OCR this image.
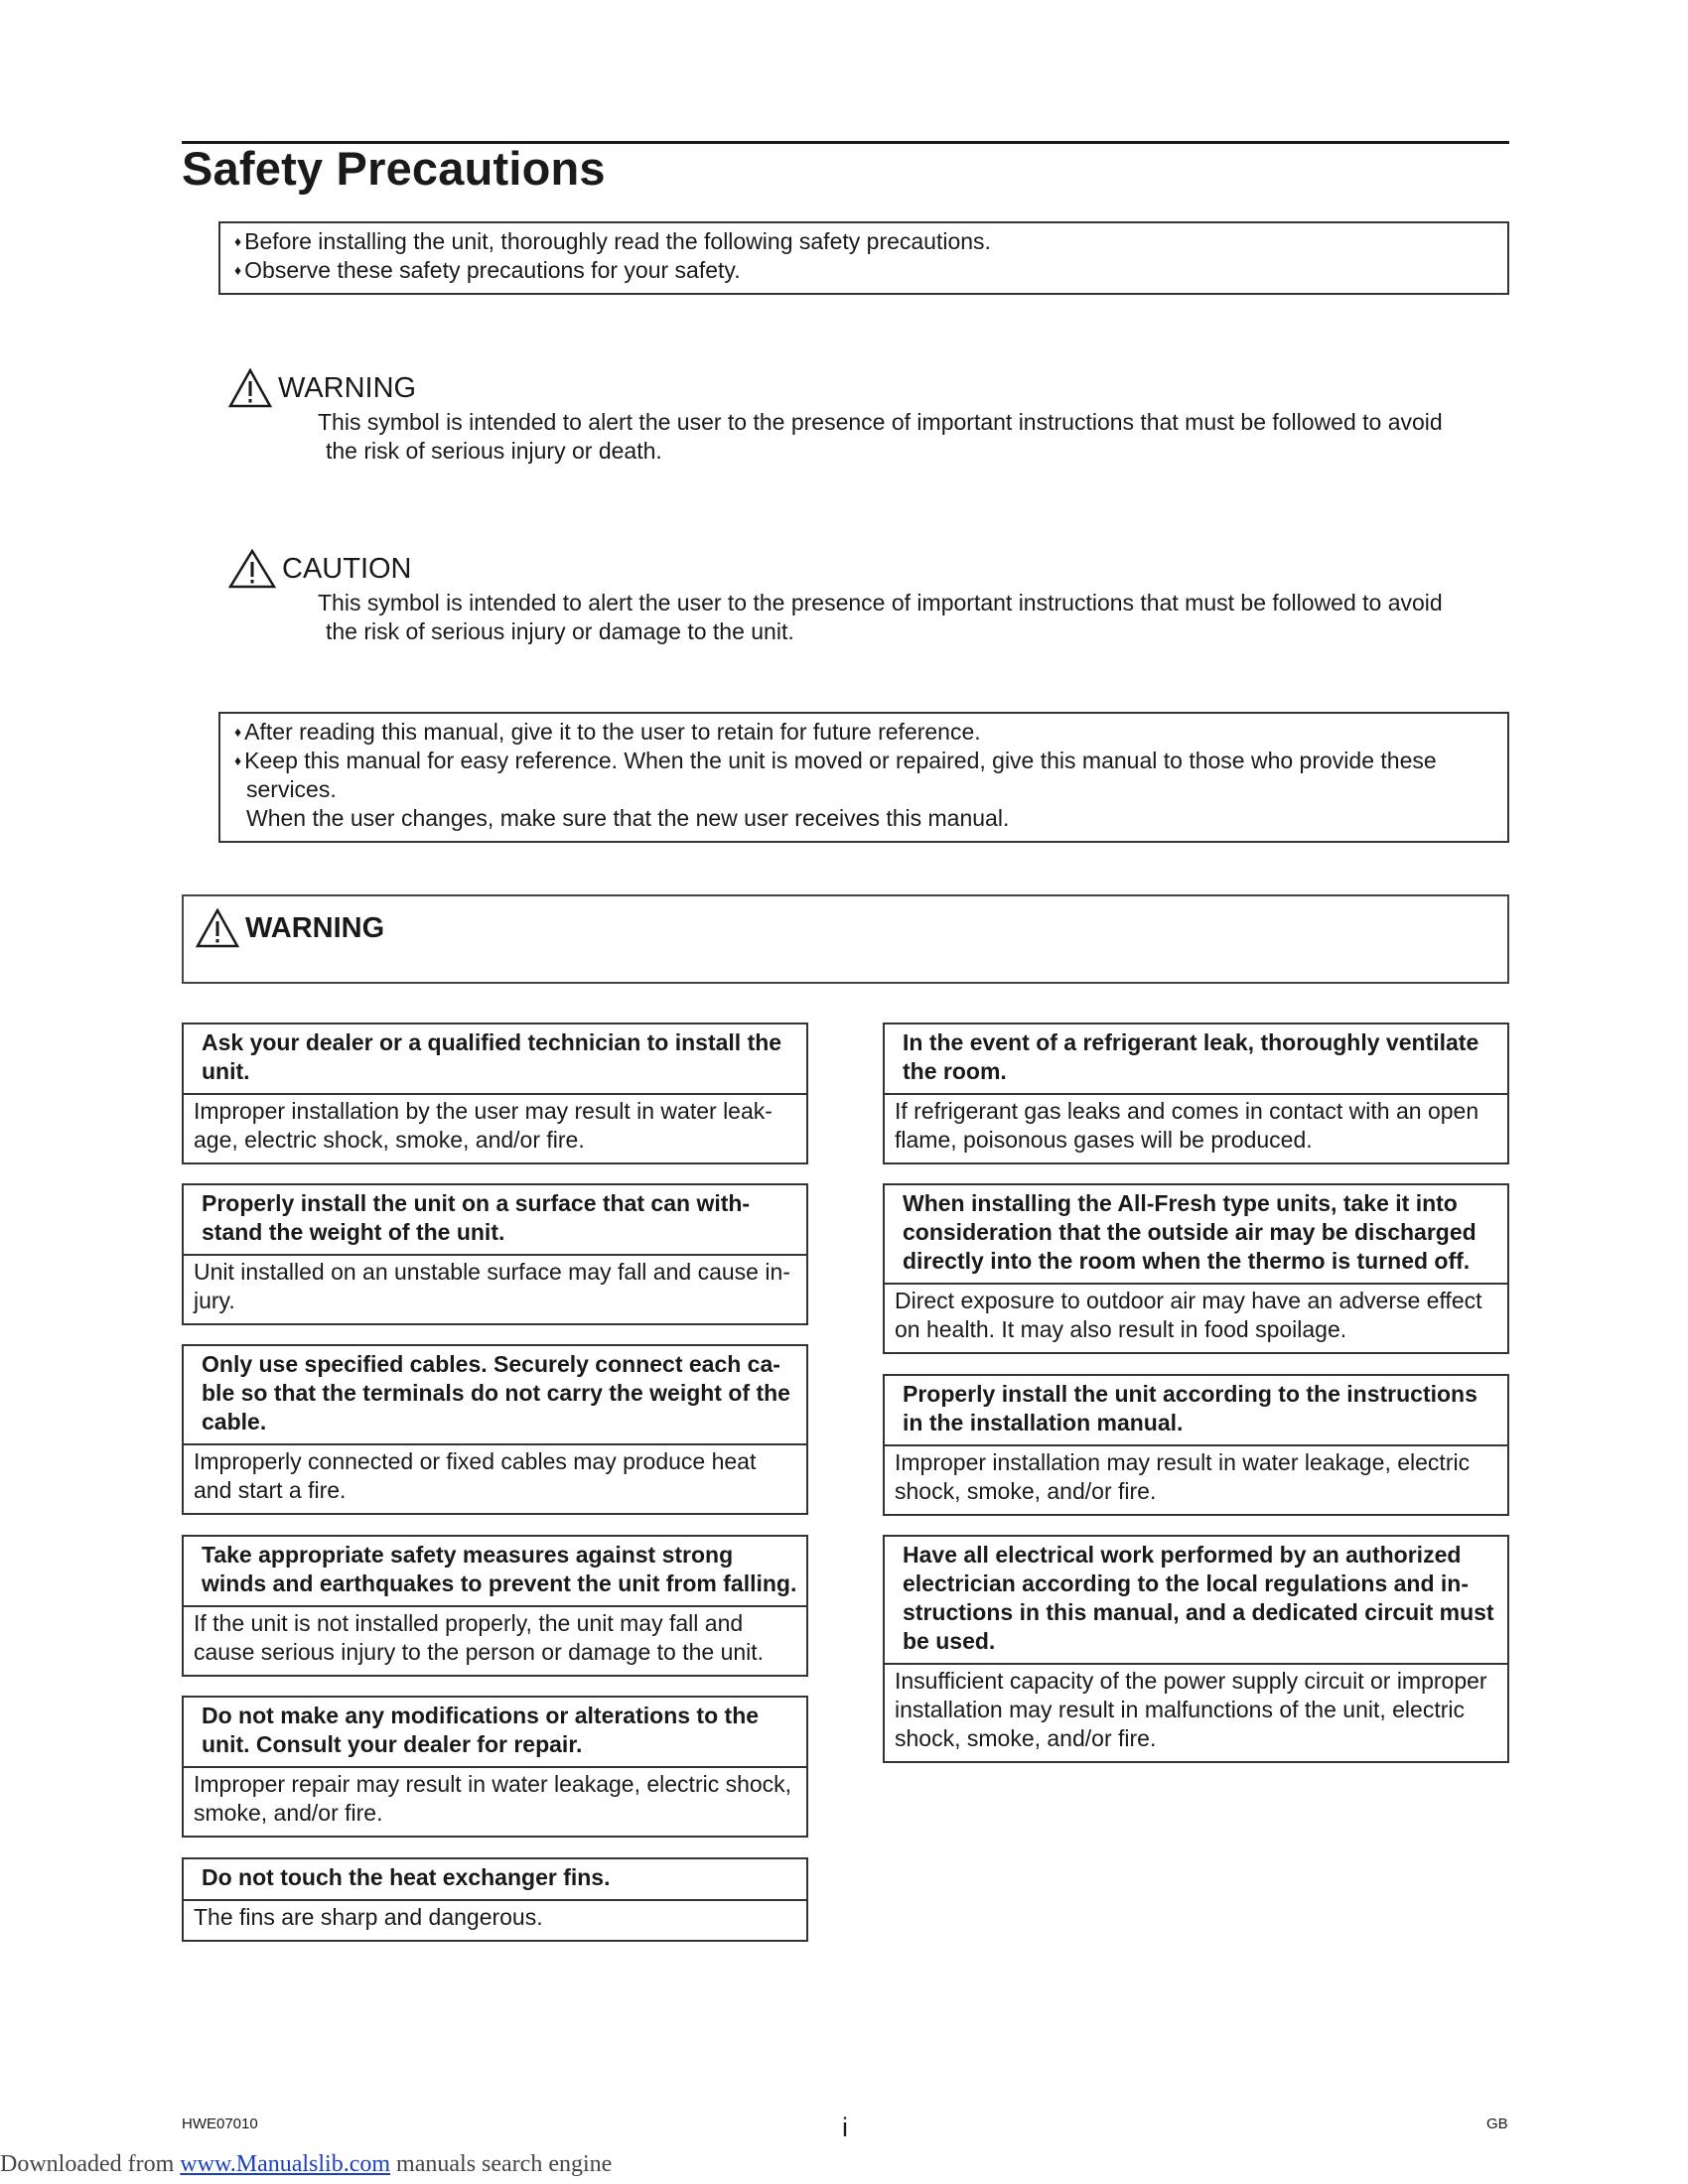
Safety Precautions
♦ Before installing the unit, thoroughly read the following safety precautions.
♦ Observe these safety precautions for your safety.
WARNING
This symbol is intended to alert the user to the presence of important instructions that must be followed to avoid
the risk of serious injury or death.
CAUTION
This symbol is intended to alert the user to the presence of important instructions that must be followed to avoid
the risk of serious injury or damage to the unit.
♦ After reading this manual, give it to the user to retain for future reference.
♦ Keep this manual for easy reference. When the unit is moved or repaired, give this manual to those who provide these
services.
When the user changes, make sure that the new user receives this manual.
WARNING
Ask your dealer or a qualified technician to install the
unit.
Improper installation by the user may result in water leak-
age, electric shock, smoke, and/or fire.
Properly install the unit on a surface that can with-
stand the weight of the unit.
Unit installed on an unstable surface may fall and cause in-
jury.
Only use specified cables. Securely connect each ca-
ble so that the terminals do not carry the weight of the
cable.
Improperly connected or fixed cables may produce heat
and start a fire.
Take appropriate safety measures against strong
winds and earthquakes to prevent the unit from falling.
If the unit is not installed properly, the unit may fall and
cause serious injury to the person or damage to the unit.
Do not make any modifications or alterations to the
unit. Consult your dealer for repair.
Improper repair may result in water leakage, electric shock,
smoke, and/or fire.
Do not touch the heat exchanger fins.
The fins are sharp and dangerous.
In the event of a refrigerant leak, thoroughly ventilate
the room.
If refrigerant gas leaks and comes in contact with an open
flame, poisonous gases will be produced.
When installing the All-Fresh type units, take it into
consideration that the outside air may be discharged
directly into the room when the thermo is turned off.
Direct exposure to outdoor air may have an adverse effect
on health. It may also result in food spoilage.
Properly install the unit according to the instructions
in the installation manual.
Improper installation may result in water leakage, electric
shock, smoke, and/or fire.
Have all electrical work performed by an authorized
electrician according to the local regulations and in-
structions in this manual, and a dedicated circuit must
be used.
Insufficient capacity of the power supply circuit or improper
installation may result in malfunctions of the unit, electric
shock, smoke, and/or fire.
HWE07010	i	GB
Downloaded from www.Manualslib.com manuals search engine
